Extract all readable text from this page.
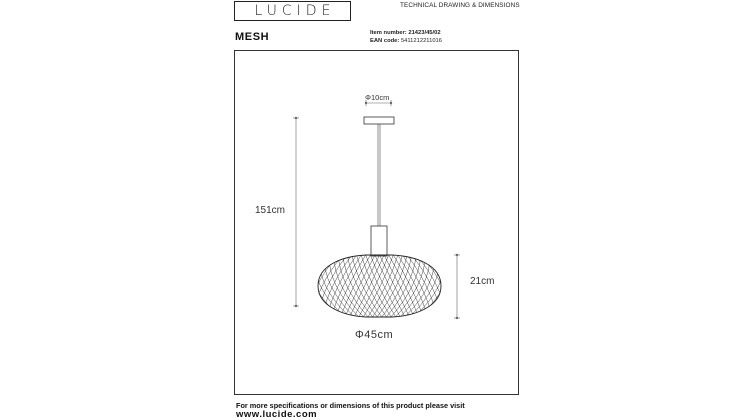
LUCIDE	TECHNICAL DRAWING & DIMENSIONS
MESH	Item number: 21423/45/02
EAN code: 5411212211016
Φ10cm
151cm
21cm
Φ45cm
For more specifications or dimensions of this product please visit
www.lucide.com
